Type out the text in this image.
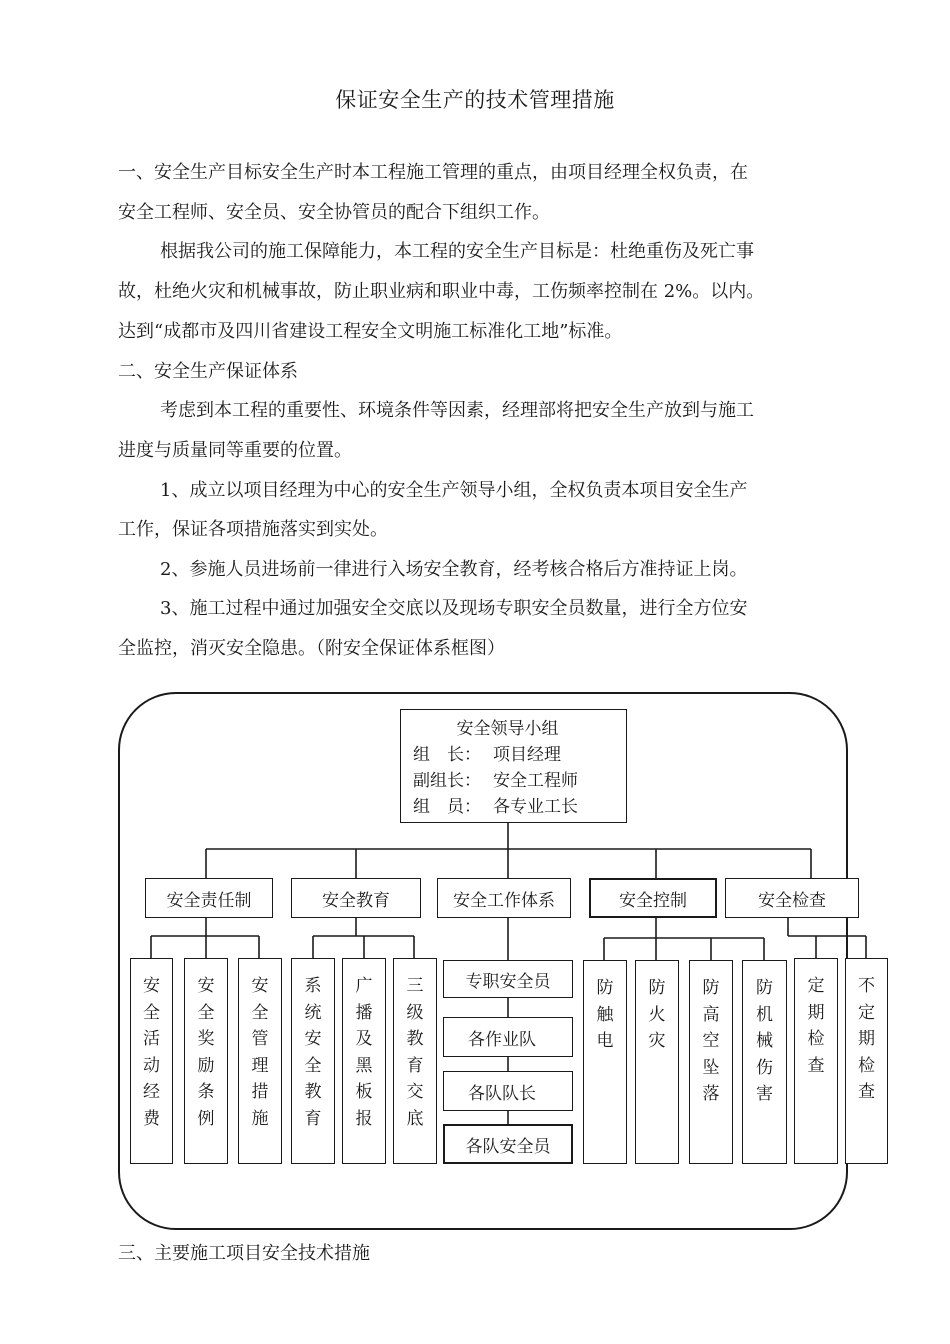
保证安全生产的技术管理措施
一、安全生产目标安全生产时本工程施工管理的重点，由项目经理全权负责，在
安全工程师、安全员、安全协管员的配合下组织工作。
根据我公司的施工保障能力，本工程的安全生产目标是：杜绝重伤及死亡事
故，杜绝火灾和机械事故，防止职业病和职业中毒，工伤频率控制在 2%。以内。
达到“成都市及四川省建设工程安全文明施工标准化工地”标准。
二、安全生产保证体系
考虑到本工程的重要性、环境条件等因素，经理部将把安全生产放到与施工
进度与质量同等重要的位置。
1、成立以项目经理为中心的安全生产领导小组，全权负责本项目安全生产
工作，保证各项措施落实到实处。
2、参施人员进场前一律进行入场安全教育，经考核合格后方准持证上岗。
3、施工过程中通过加强安全交底以及现场专职安全员数量，进行全方位安
全监控，消灭安全隐患。（附安全保证体系框图）
安全领导小组
组　长： 项目经理
副组长： 安全工程师
组　员： 各专业工长
安全责任制	安全教育	安全工作体系	安全控制	安全检查
安
全
活
动
经
费
安
全
奖
励
条
例
安
全
管
理
措
施
系
统
安
全
教
育
广
播
及
黑
板
报
三
级
教
育
交
底
专职安全员
各作业队
各队队长
各队安全员
防
触
电
防
火
灾
防
高
空
坠
落
防
机
械
伤
害
定
期
检
查
不
定
期
检
查
三、主要施工项目安全技术措施
